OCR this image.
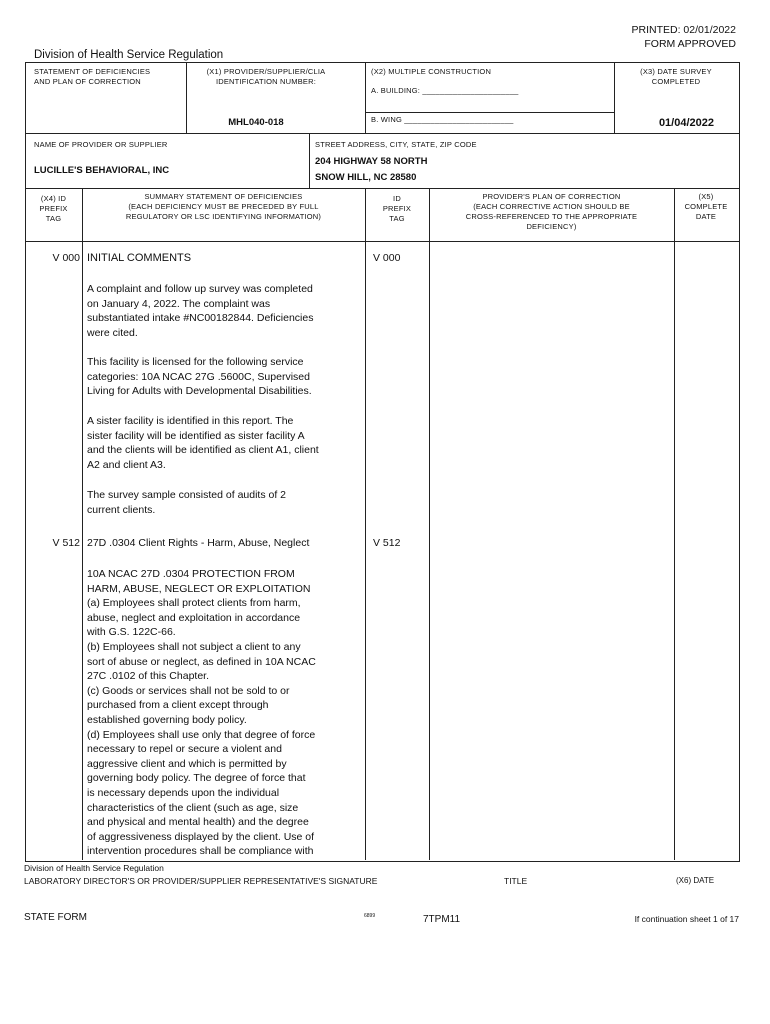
PRINTED: 02/01/2022
FORM APPROVED
Division of Health Service Regulation
STATEMENT OF DEFICIENCIES
AND PLAN OF CORRECTION
(X1) PROVIDER/SUPPLIER/CLIA
IDENTIFICATION NUMBER:
MHL040-018
(X2) MULTIPLE CONSTRUCTION
A. BUILDING: ______________________
B. WING _________________________
(X3) DATE SURVEY
COMPLETED
01/04/2022
NAME OF PROVIDER OR SUPPLIER
LUCILLE'S BEHAVIORAL, INC
STREET ADDRESS, CITY, STATE, ZIP CODE
204 HIGHWAY 58 NORTH
SNOW HILL, NC 28580
(X4) ID
PREFIX
TAG
SUMMARY STATEMENT OF DEFICIENCIES
(EACH DEFICIENCY MUST BE PRECEDED BY FULL
REGULATORY OR LSC IDENTIFYING INFORMATION)
ID
PREFIX
TAG
PROVIDER'S PLAN OF CORRECTION
(EACH CORRECTIVE ACTION SHOULD BE
CROSS-REFERENCED TO THE APPROPRIATE
DEFICIENCY)
(X5)
COMPLETE
DATE
V 000	V 000
INITIAL COMMENTS
A complaint and follow up survey was completed
on January 4, 2022. The complaint was
substantiated intake #NC00182844. Deficiencies
were cited.
This facility is licensed for the following service
categories: 10A NCAC 27G .5600C, Supervised
Living for Adults with Developmental Disabilities.
A sister facility is identified in this report. The
sister facility will be identified as sister facility A
and the clients will be identified as client A1, client
A2 and client A3.
The survey sample consisted of audits of 2
current clients.
V 512	V 512
27D .0304 Client Rights - Harm, Abuse, Neglect
10A NCAC 27D .0304 PROTECTION FROM
HARM, ABUSE, NEGLECT OR EXPLOITATION
(a) Employees shall protect clients from harm,
abuse, neglect and exploitation in accordance
with G.S. 122C-66.
(b) Employees shall not subject a client to any
sort of abuse or neglect, as defined in 10A NCAC
27C .0102 of this Chapter.
(c) Goods or services shall not be sold to or
purchased from a client except through
established governing body policy.
(d) Employees shall use only that degree of force
necessary to repel or secure a violent and
aggressive client and which is permitted by
governing body policy. The degree of force that
is necessary depends upon the individual
characteristics of the client (such as age, size
and physical and mental health) and the degree
of aggressiveness displayed by the client. Use of
intervention procedures shall be compliance with
Division of Health Service Regulation
LABORATORY DIRECTOR'S OR PROVIDER/SUPPLIER REPRESENTATIVE'S SIGNATURE	TITLE	(X6) DATE
STATE FORM	6899	7TPM11	If continuation sheet 1 of 17
